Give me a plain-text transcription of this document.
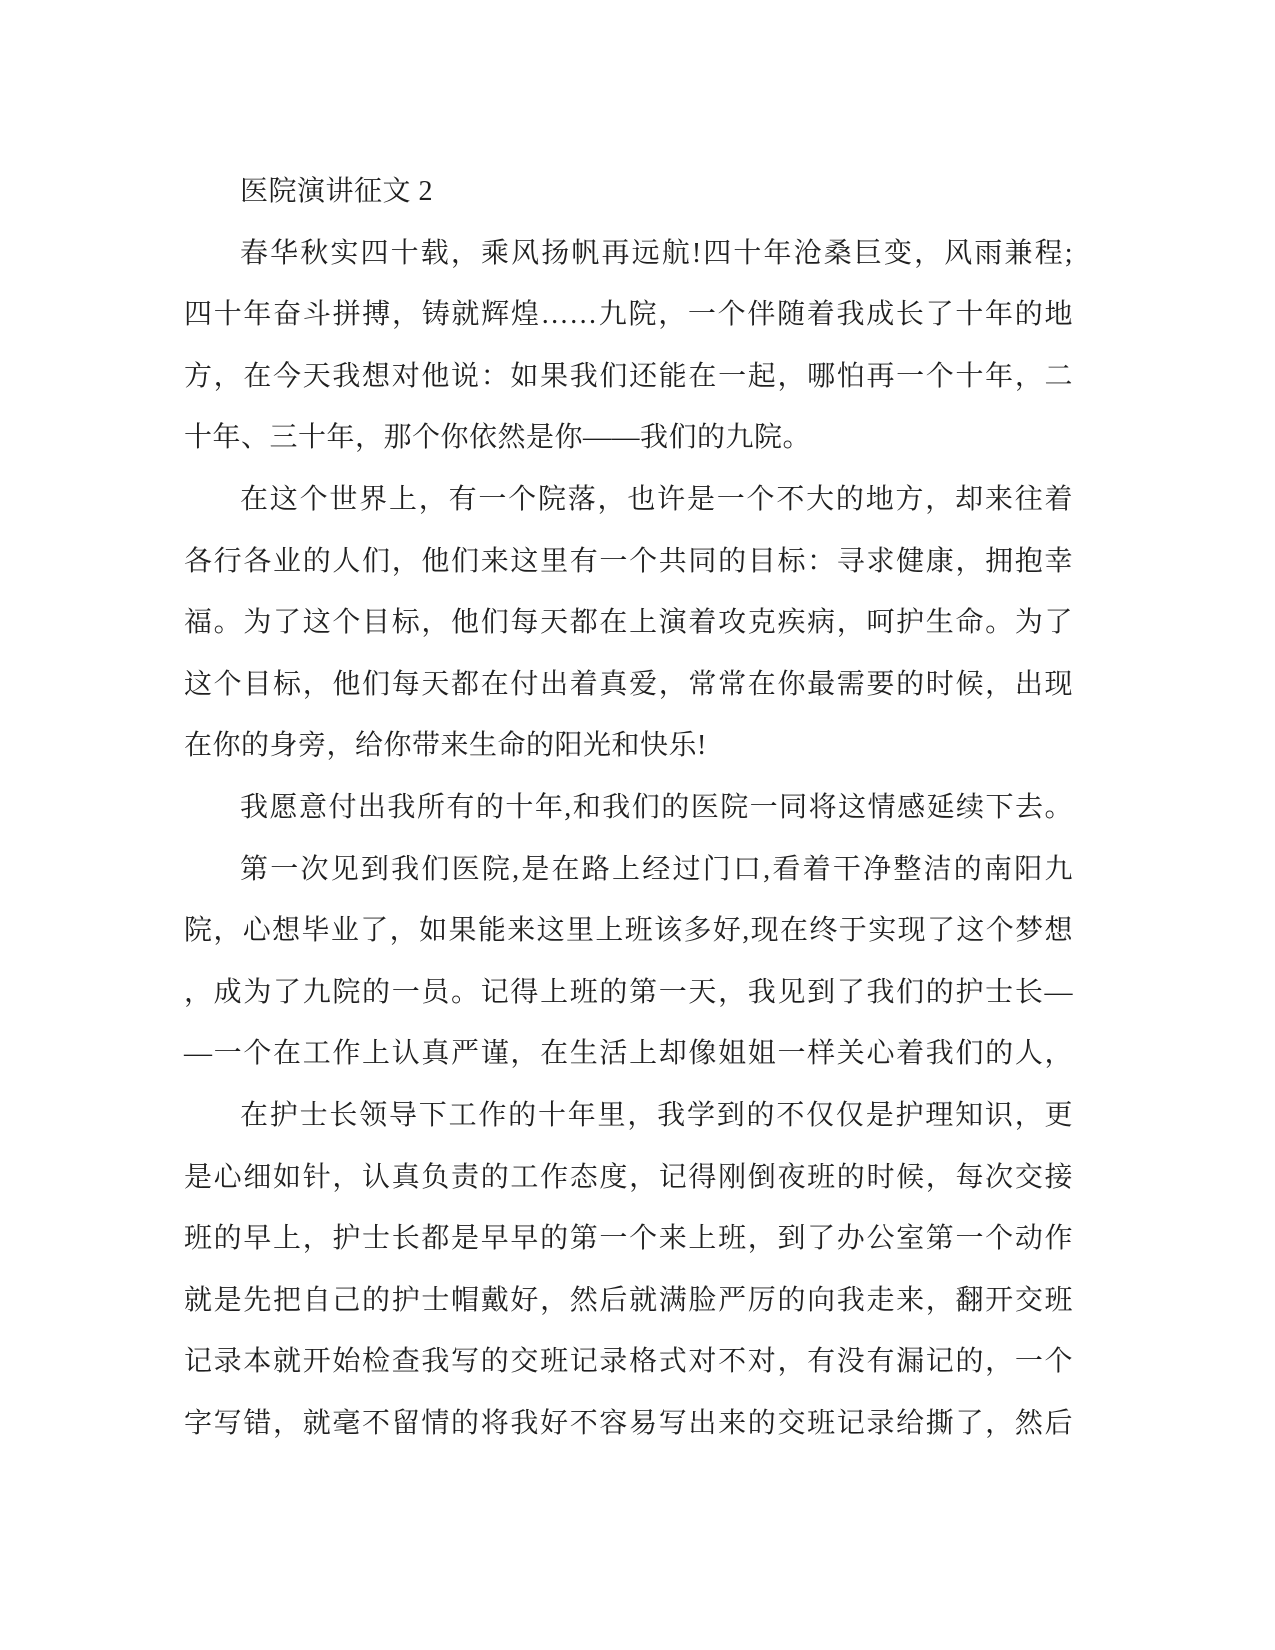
医院演讲征文 2
春华秋实四十载，乘风扬帆再远航!四十年沧桑巨变，风雨兼程;
四十年奋斗拼搏，铸就辉煌……九院，一个伴随着我成长了十年的地
方，在今天我想对他说：如果我们还能在一起，哪怕再一个十年，二
十年、三十年，那个你依然是你——我们的九院。
在这个世界上，有一个院落，也许是一个不大的地方，却来往着
各行各业的人们，他们来这里有一个共同的目标：寻求健康，拥抱幸
福。为了这个目标，他们每天都在上演着攻克疾病，呵护生命。为了
这个目标，他们每天都在付出着真爱，常常在你最需要的时候，出现
在你的身旁，给你带来生命的阳光和快乐!
我愿意付出我所有的十年,和我们的医院一同将这情感延续下去。
第一次见到我们医院,是在路上经过门口,看着干净整洁的南阳九
院，心想毕业了，如果能来这里上班该多好,现在终于实现了这个梦想
，成为了九院的一员。记得上班的第一天，我见到了我们的护士长—
—一个在工作上认真严谨，在生活上却像姐姐一样关心着我们的人，
在护士长领导下工作的十年里，我学到的不仅仅是护理知识，更
是心细如针，认真负责的工作态度，记得刚倒夜班的时候，每次交接
班的早上，护士长都是早早的第一个来上班，到了办公室第一个动作
就是先把自己的护士帽戴好，然后就满脸严厉的向我走来，翻开交班
记录本就开始检查我写的交班记录格式对不对，有没有漏记的，一个
字写错，就毫不留情的将我好不容易写出来的交班记录给撕了，然后
